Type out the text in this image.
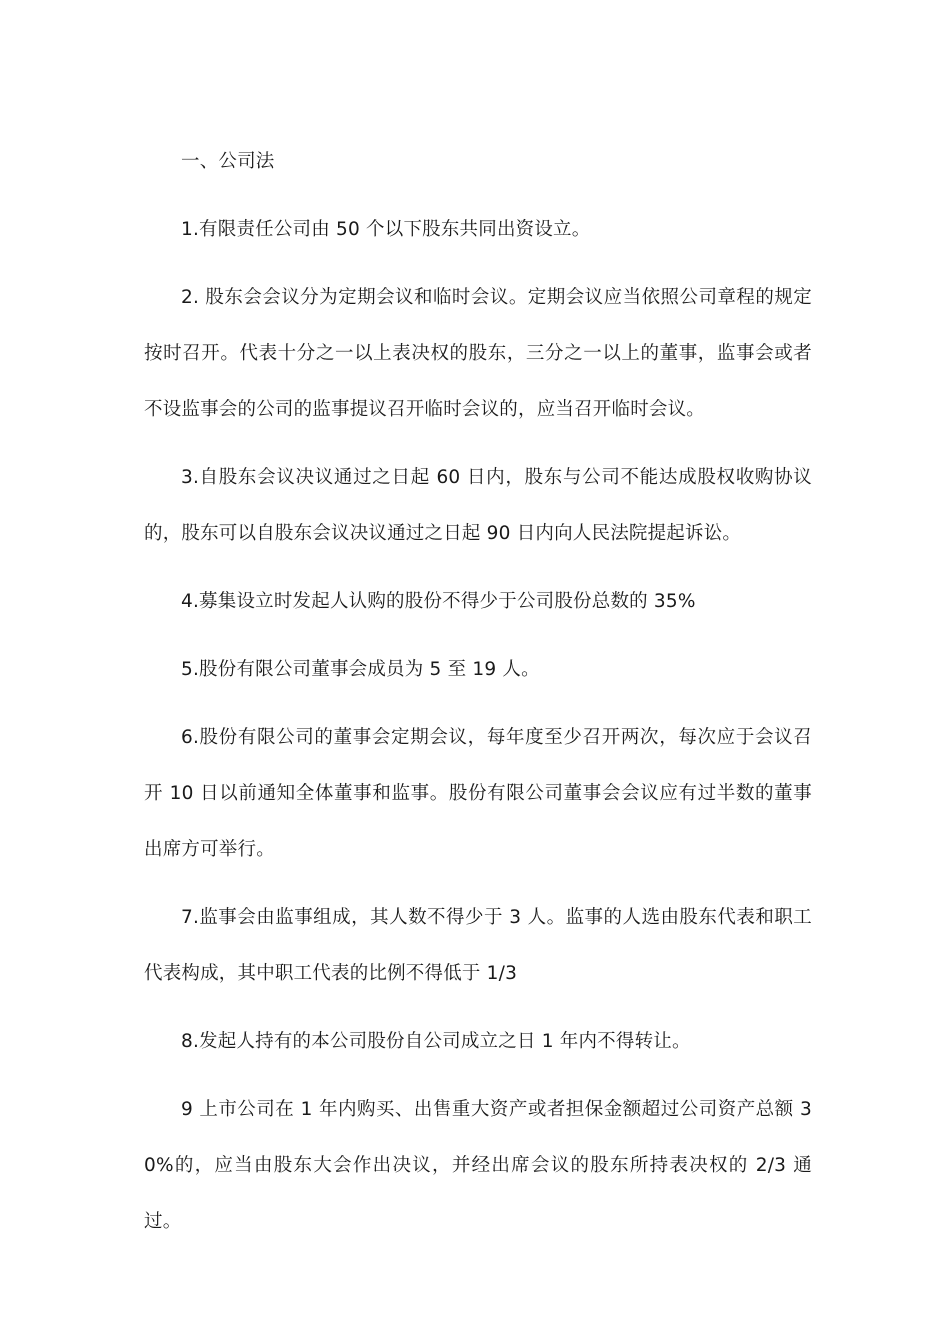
一、公司法

1.有限责任公司由 50 个以下股东共同出资设立。

2. 股东会会议分为定期会议和临时会议。定期会议应当依照公司章程的规定按时召开。代表十分之一以上表决权的股东，三分之一以上的董事，监事会或者不设监事会的公司的监事提议召开临时会议的，应当召开临时会议。

3.自股东会议决议通过之日起 60 日内，股东与公司不能达成股权收购协议的，股东可以自股东会议决议通过之日起 90 日内向人民法院提起诉讼。

4.募集设立时发起人认购的股份不得少于公司股份总数的 35%

5.股份有限公司董事会成员为 5 至 19 人。

6.股份有限公司的董事会定期会议，每年度至少召开两次，每次应于会议召开 10 日以前通知全体董事和监事。股份有限公司董事会会议应有过半数的董事出席方可举行。

7.监事会由监事组成，其人数不得少于 3 人。监事的人选由股东代表和职工代表构成，其中职工代表的比例不得低于 1/3

8.发起人持有的本公司股份自公司成立之日 1 年内不得转让。

9 上市公司在 1 年内购买、出售重大资产或者担保金额超过公司资产总额 30%的，应当由股东大会作出决议，并经出席会议的股东所持表决权的 2/3 通过。
